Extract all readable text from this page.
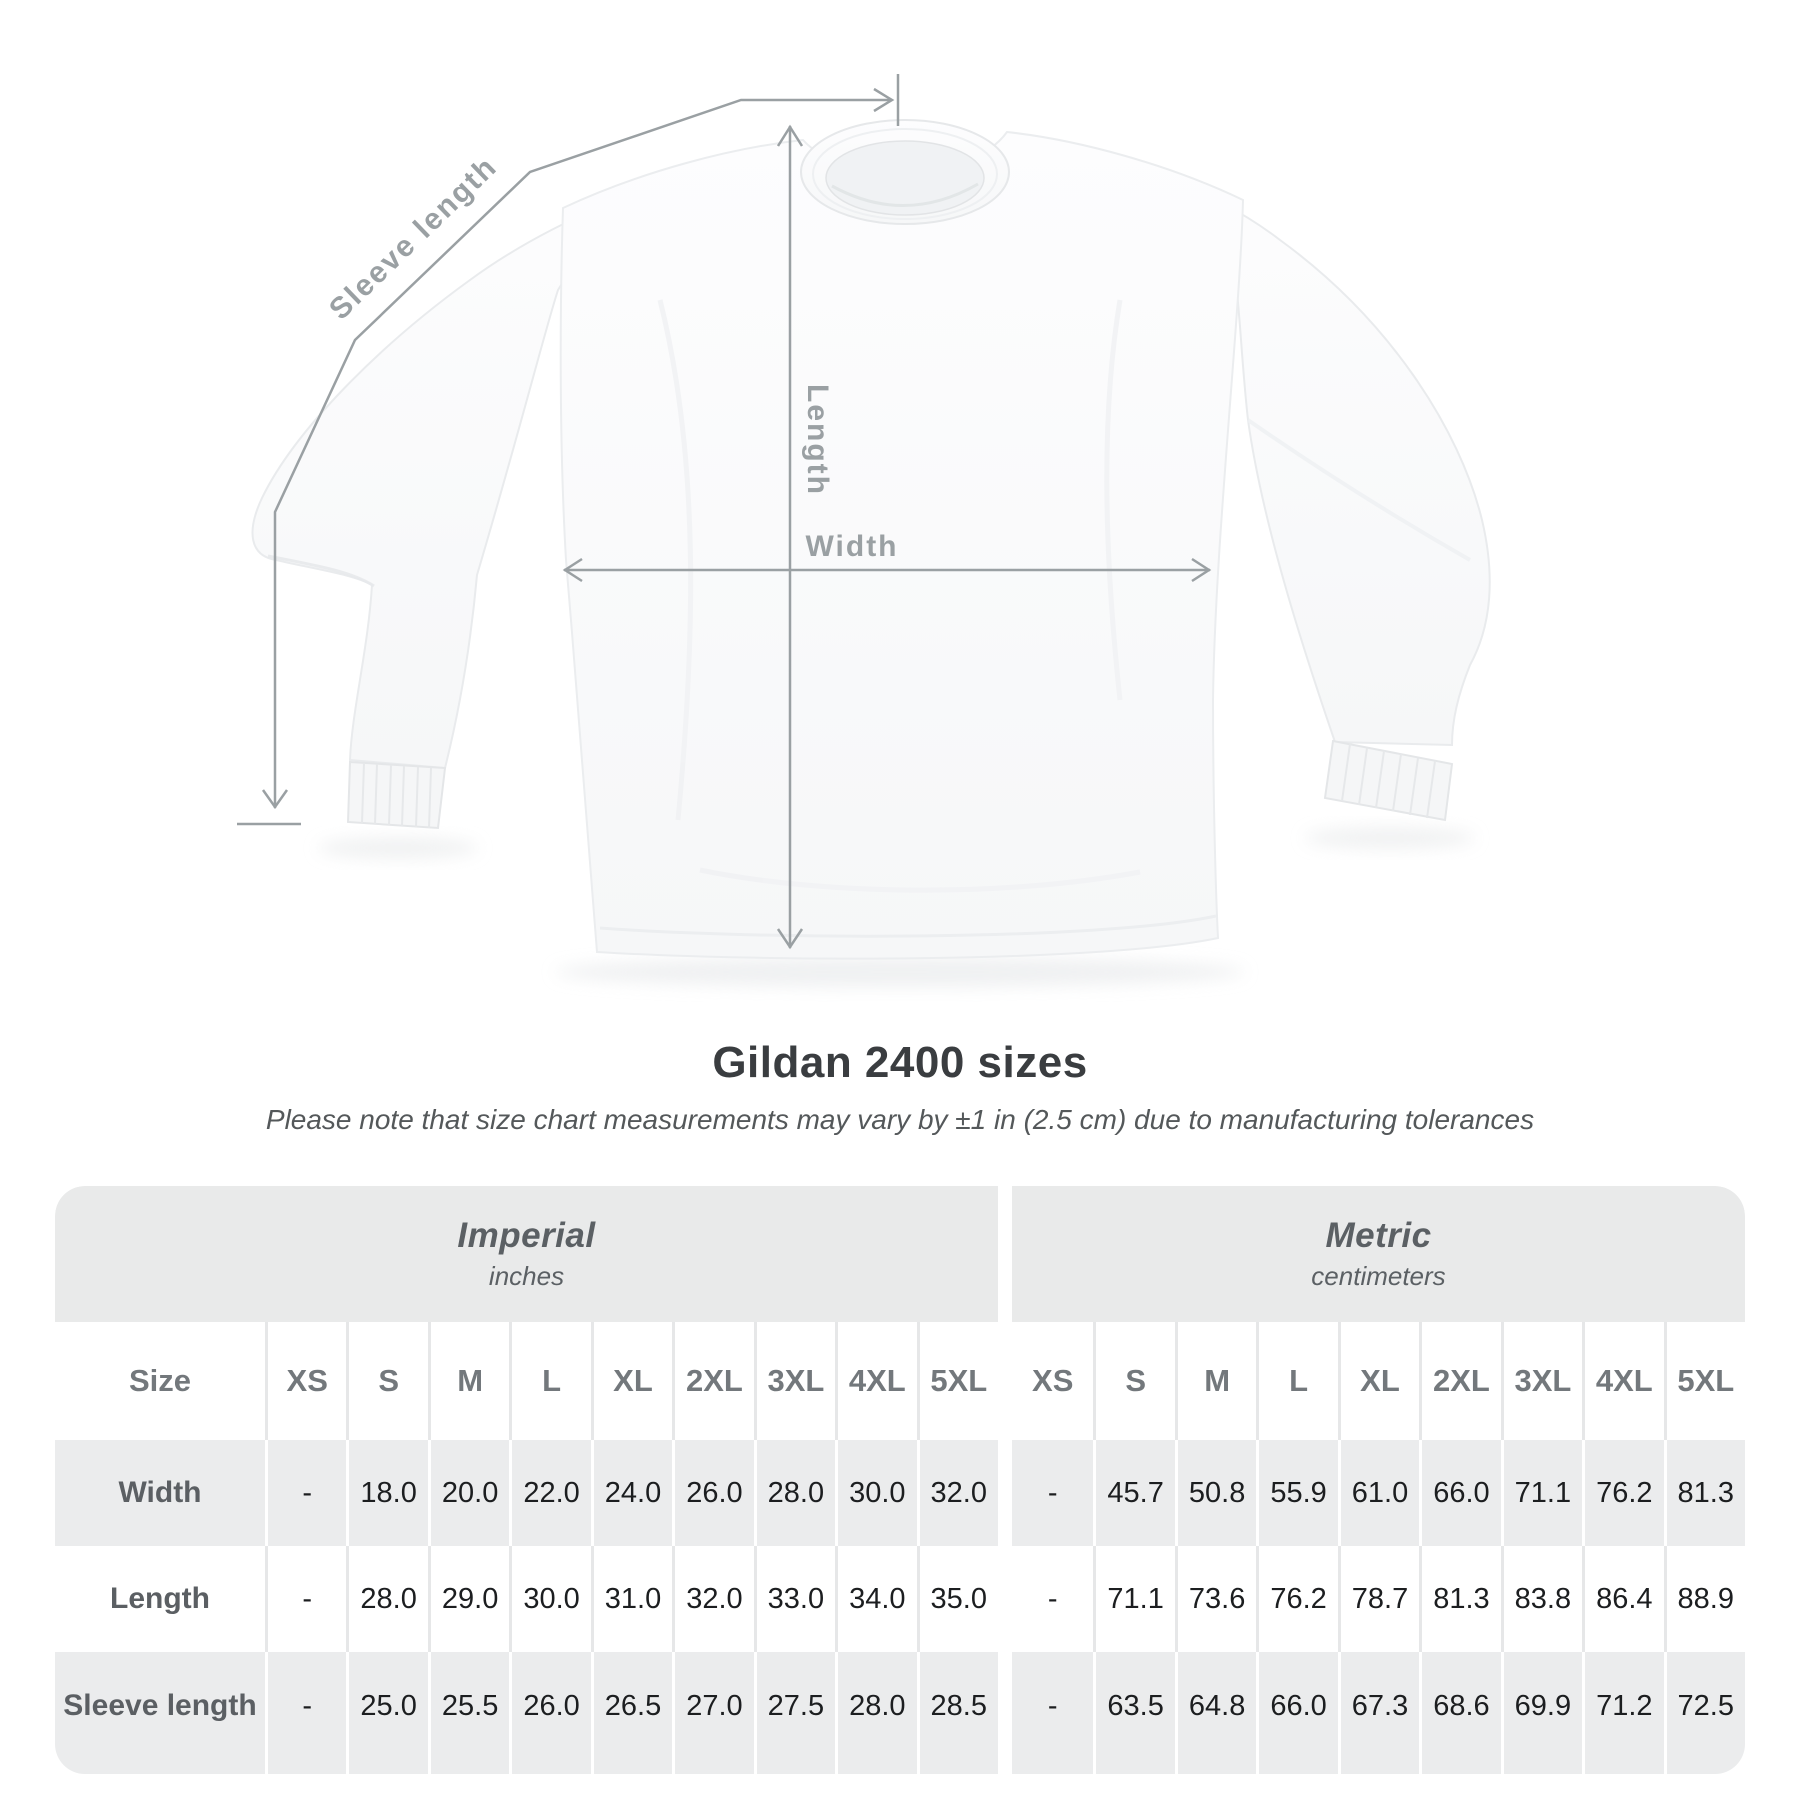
Sleeve length
Length
Width
Gildan 2400 sizes
Please note that size chart measurements may vary by ±1 in (2.5 cm) due to manufacturing tolerances
Imperial
inches
Metric
centimeters
Size	XS	S	M	L	XL	2XL 3XL 4XL 5XL	XS	S	M	L	XL	2XL 3XL 4XL 5XL
Width	-	18.0 20.0 22.0 24.0 26.0 28.0 30.0 32.0	-	45.7 50.8 55.9 61.0 66.0 71.1 76.2 81.3
Length	-	28.0 29.0 30.0 31.0 32.0 33.0 34.0 35.0	-	71.1 73.6 76.2 78.7 81.3 83.8 86.4 88.9
Sleeve length	-	25.0 25.5 26.0 26.5 27.0 27.5 28.0 28.5	-	63.5 64.8 66.0 67.3 68.6 69.9 71.2 72.5
